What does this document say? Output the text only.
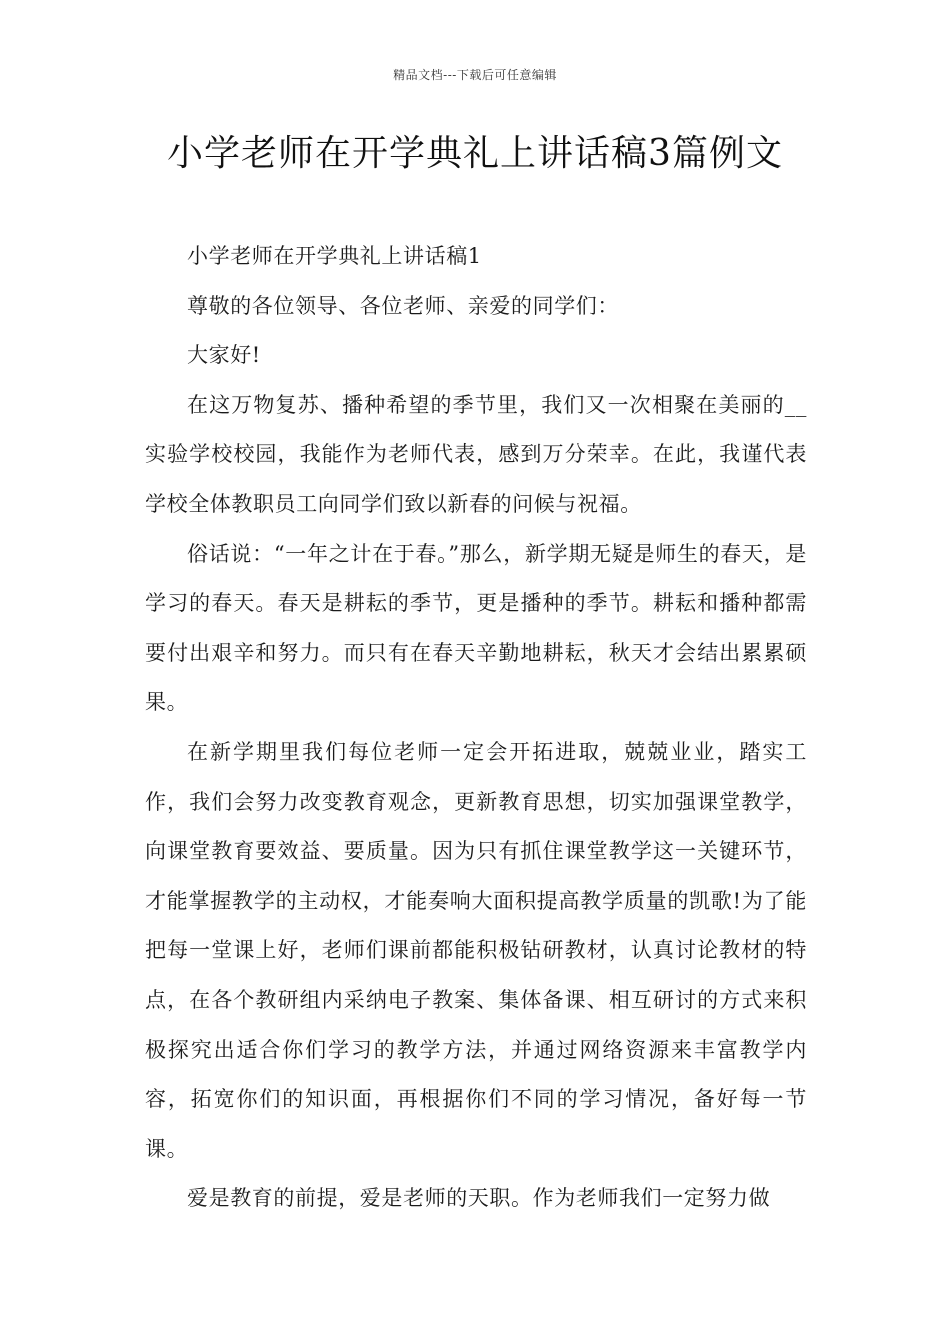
精品文档---下载后可任意编辑
小学老师在开学典礼上讲话稿3篇例文

小学老师在开学典礼上讲话稿1

尊敬的各位领导、各位老师、亲爱的同学们：

大家好!

在这万物复苏、播种希望的季节里，我们又一次相聚在美丽的__实验学校校园，我能作为老师代表，感到万分荣幸。在此，我谨代表学校全体教职员工向同学们致以新春的问候与祝福。

俗话说：“一年之计在于春。”那么，新学期无疑是师生的春天，是学习的春天。春天是耕耘的季节，更是播种的季节。耕耘和播种都需要付出艰辛和努力。而只有在春天辛勤地耕耘，秋天才会结出累累硕果。

在新学期里我们每位老师一定会开拓进取，兢兢业业，踏实工作，我们会努力改变教育观念，更新教育思想，切实加强课堂教学，向课堂教育要效益、要质量。因为只有抓住课堂教学这一关键环节，才能掌握教学的主动权，才能奏响大面积提高教学质量的凯歌!为了能把每一堂课上好，老师们课前都能积极钻研教材，认真讨论教材的特点，在各个教研组内采纳电子教案、集体备课、相互研讨的方式来积极探究出适合你们学习的教学方法，并通过网络资源来丰富教学内容，拓宽你们的知识面，再根据你们不同的学习情况，备好每一节课。

爱是教育的前提，爱是老师的天职。作为老师我们一定努力做
